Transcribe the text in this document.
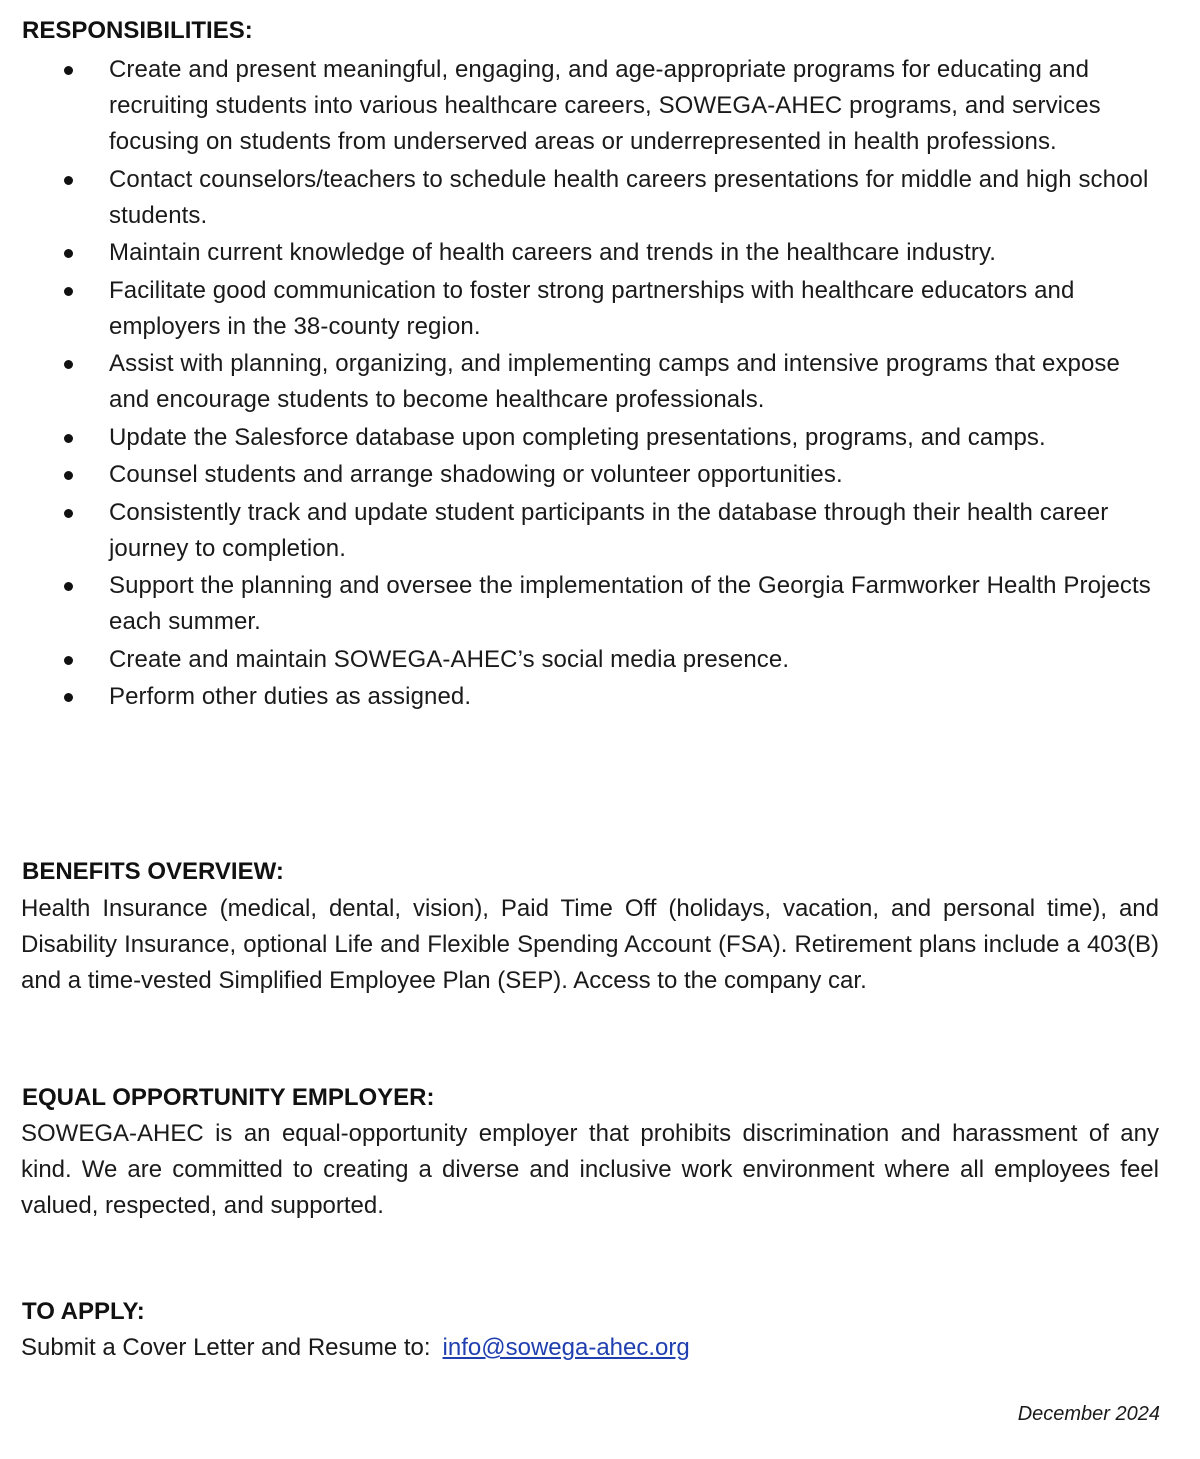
RESPONSIBILITIES:
Create and present meaningful, engaging, and age-appropriate programs for educating and recruiting students into various healthcare careers, SOWEGA-AHEC programs, and services focusing on students from underserved areas or underrepresented in health professions.
Contact counselors/teachers to schedule health careers presentations for middle and high school students.
Maintain current knowledge of health careers and trends in the healthcare industry.
Facilitate good communication to foster strong partnerships with healthcare educators and employers in the 38-county region.
Assist with planning, organizing, and implementing camps and intensive programs that expose and encourage students to become healthcare professionals.
Update the Salesforce database upon completing presentations, programs, and camps.
Counsel students and arrange shadowing or volunteer opportunities.
Consistently track and update student participants in the database through their health career journey to completion.
Support the planning and oversee the implementation of the Georgia Farmworker Health Projects each summer.
Create and maintain SOWEGA-AHEC’s social media presence.
Perform other duties as assigned.
BENEFITS OVERVIEW:

Health Insurance (medical, dental, vision), Paid Time Off (holidays, vacation, and personal time), and Disability Insurance, optional Life and Flexible Spending Account (FSA). Retirement plans include a 403(B) and a time-vested Simplified Employee Plan (SEP). Access to the company car.

EQUAL OPPORTUNITY EMPLOYER:

SOWEGA-AHEC is an equal-opportunity employer that prohibits discrimination and harassment of any kind. We are committed to creating a diverse and inclusive work environment where all employees feel valued, respected, and supported.

TO APPLY:

Submit a Cover Letter and Resume to: info@sowega-ahec.org

December 2024
